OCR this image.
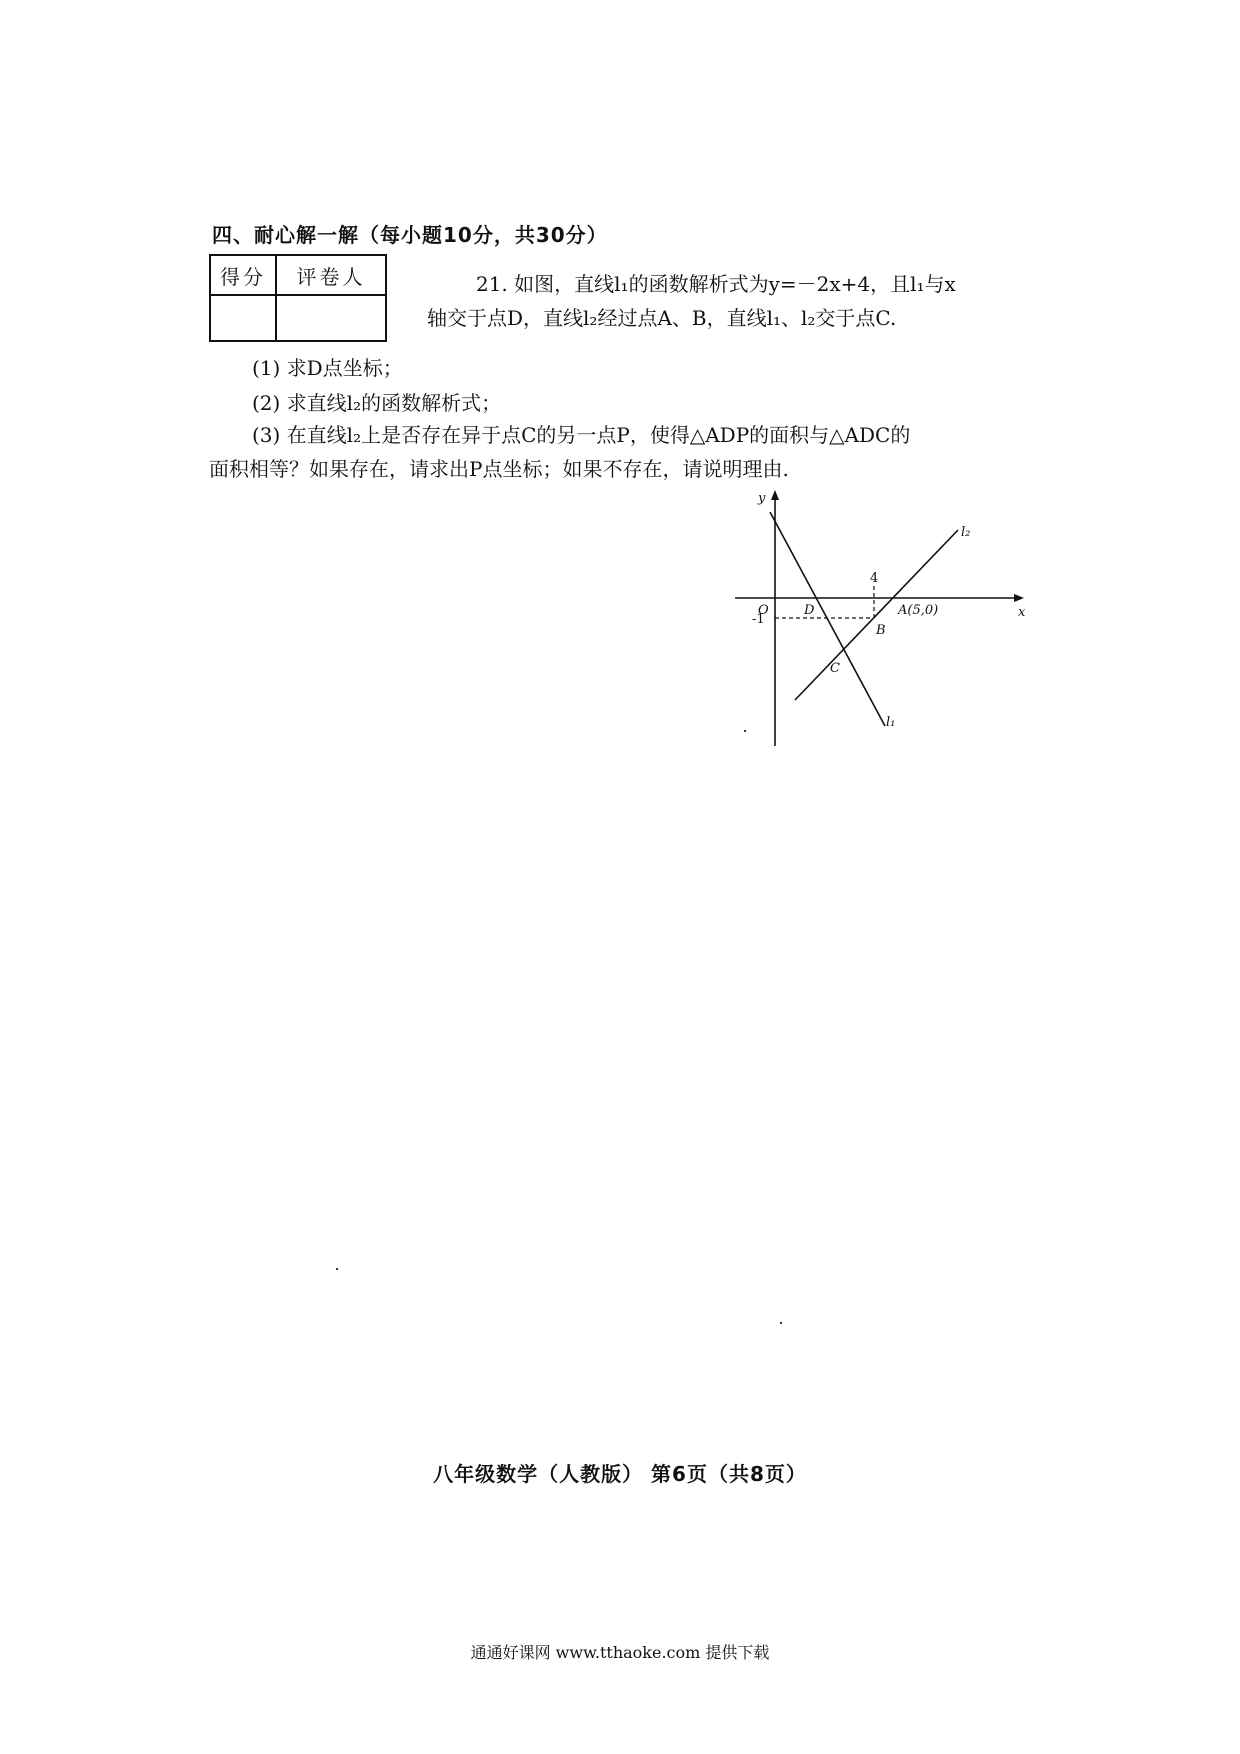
四、耐心解一解（每小题10分，共30分）
得分	评卷人
		21. 如图，直线l₁的函数解析式为y=－2x+4，且l₁与x
轴交于点D，直线l₂经过点A、B，直线l₁、l₂交于点C.
(1) 求D点坐标；
(2) 求直线l₂的函数解析式；
(3) 在直线l₂上是否存在异于点C的另一点P，使得△ADP的面积与△ADC的
面积相等？如果存在，请求出P点坐标；如果不存在，请说明理由.
y
x
O	D
4
-1
A(5,0)
B
C
l₁
l₂
八年级数学（人教版） 第6页（共8页）
通通好课网 www.tthaoke.com 提供下载
